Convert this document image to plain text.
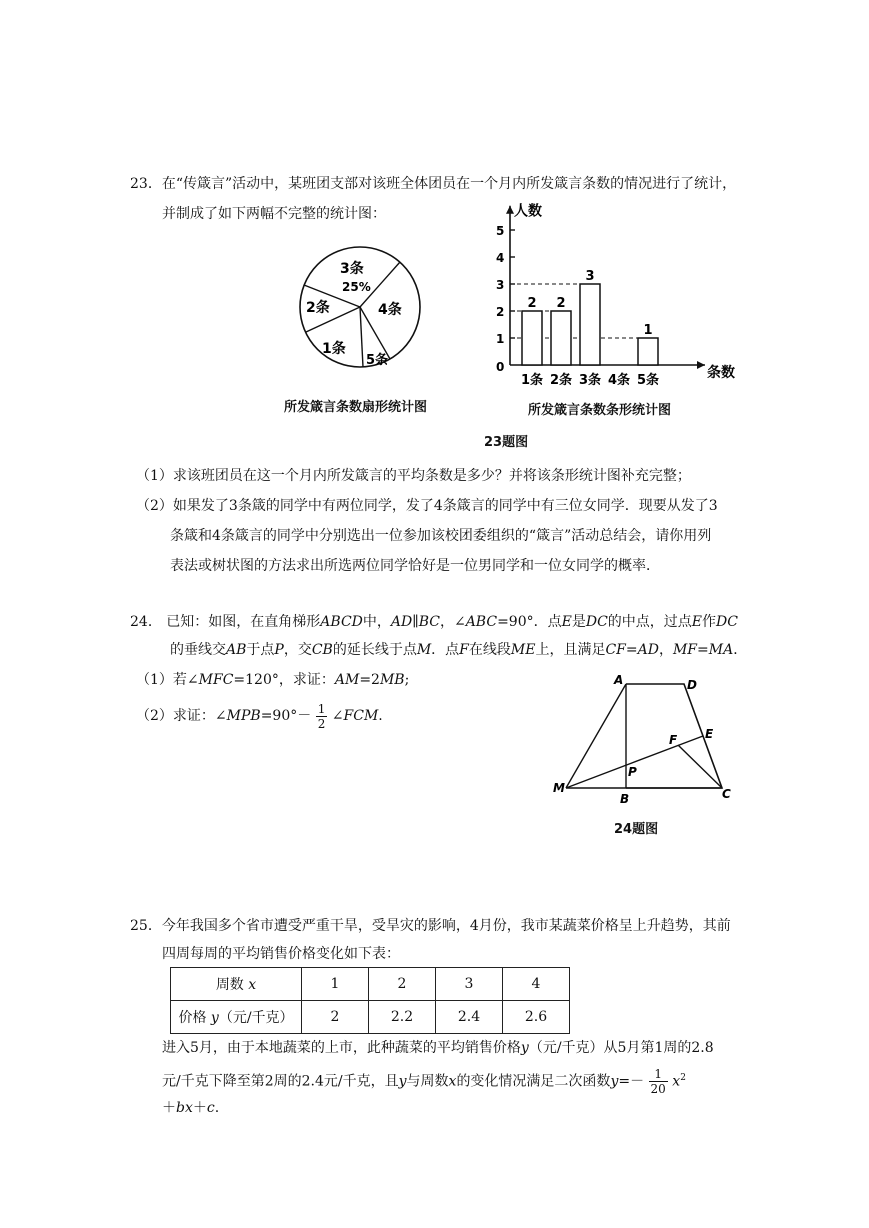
23．在“传箴言”活动中，某班团支部对该班全体团员在一个月内所发箴言条数的情况进行了统计，
并制成了如下两幅不完整的统计图：
3条
25%
4条
2条
1条
5条
所发箴言条数扇形统计图
人数
条数
0
1
2
3
4
5
2
1条
2
2条
3
3条 4条
1
5条
所发箴言条数条形统计图
23题图
（1）求该班团员在这一个月内所发箴言的平均条数是多少？并将该条形统计图补充完整；
（2）如果发了3条箴的同学中有两位同学，发了4条箴言的同学中有三位女同学．现要从发了3
条箴和4条箴言的同学中分别选出一位参加该校团委组织的“箴言”活动总结会，请你用列
表法或树状图的方法求出所选两位同学恰好是一位男同学和一位女同学的概率．
24． 已知：如图，在直角梯形ABCD中，AD∥BC，∠ABC=90°．点E是DC的中点，过点E作DC
的垂线交AB于点P，交CB的延长线于点M．点F在线段ME上，且满足CF=AD，MF=MA．
（1）若∠MFC=120°，求证：AM=2MB;
（2）求证：∠MPB=90°－ $\frac{1}{2}$ ∠FCM.
A	D
E
F
P
M
B	C
24题图
25．今年我国多个省市遭受严重干旱，受旱灾的影响，4月份，我市某蔬菜价格呈上升趋势，其前
四周每周的平均销售价格变化如下表：
周数 x	1	2	3	4
价格 y（元/千克）	2	2.2	2.4	2.6
进入5月，由于本地蔬菜的上市，此种蔬菜的平均销售价格y（元/千克）从5月第1周的2.8
元/千克下降至第2周的2.4元/千克，且y与周数x的变化情况满足二次函数$y=- \frac{1}{20} x^2$
＋bx＋c.
